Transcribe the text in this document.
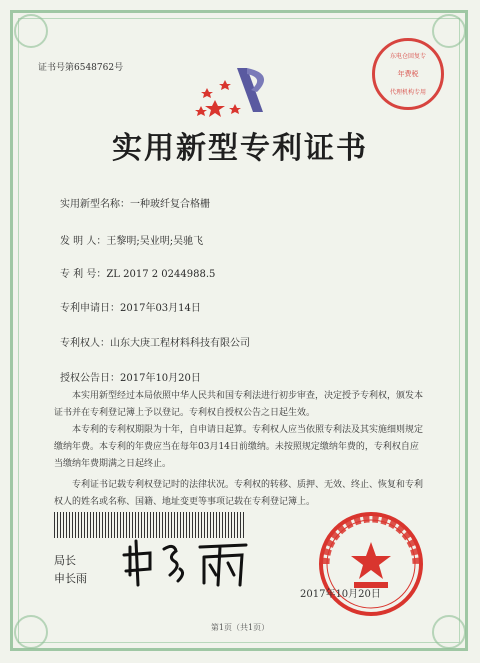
证书号第6548762号
东电仓回复专
年费税
代理机构专用
实用新型专利证书
实用新型名称：一种玻纤复合格栅
发 明 人：王黎明;吴业明;吴驰飞
专 利 号：ZL 2017 2 0244988.5
专利申请日：2017年03月14日
专利权人：山东大庚工程材料科技有限公司
授权公告日：2017年10月20日

本实用新型经过本局依照中华人民共和国专利法进行初步审查，决定授予专利权，颁发本证书并在专利登记簿上予以登记。专利权自授权公告之日起生效。

本专利的专利权期限为十年，自申请日起算。专利权人应当依照专利法及其实施细则规定缴纳年费。本专利的年费应当在每年03月14日前缴纳。未按照规定缴纳年费的，专利权自应当缴纳年费期满之日起终止。

专利证书记载专利权登记时的法律状况。专利权的转移、质押、无效、终止、恢复和专利权人的姓名或名称、国籍、地址变更等事项记载在专利登记簿上。

局长
申长雨
2017年10月20日
第1页（共1页）
